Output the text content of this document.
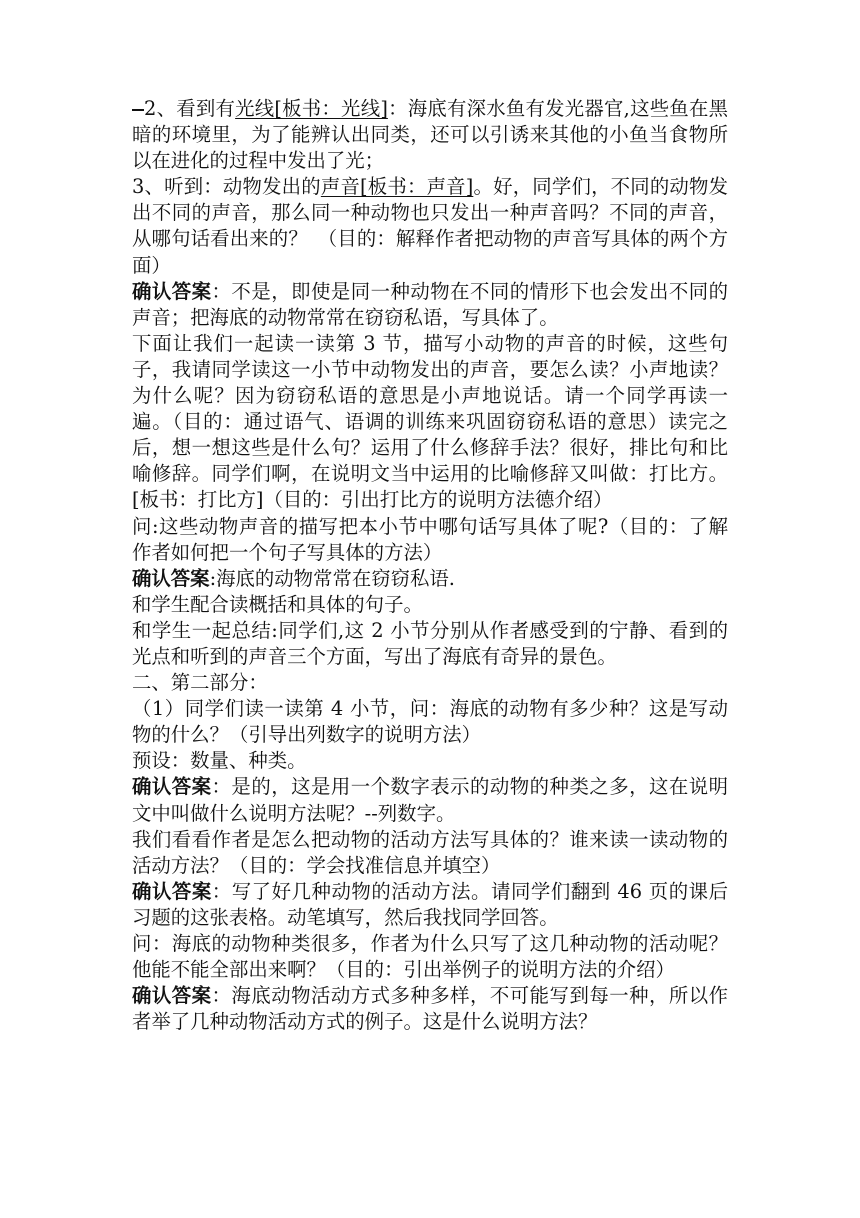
2、看到有光线[板书：光线]：海底有深水鱼有发光器官,这些鱼在黑暗的环境里，为了能辨认出同类，还可以引诱来其他的小鱼当食物所以在进化的过程中发出了光；

3、听到：动物发出的声音[板书：声音]。好，同学们，不同的动物发出不同的声音，那么同一种动物也只发出一种声音吗？不同的声音，从哪句话看出来的？　（目的：解释作者把动物的声音写具体的两个方面）

确认答案：不是，即使是同一种动物在不同的情形下也会发出不同的声音；把海底的动物常常在窃窃私语，写具体了。

下面让我们一起读一读第 3 节，描写小动物的声音的时候，这些句子，我请同学读这一小节中动物发出的声音，要怎么读？小声地读？为什么呢？因为窃窃私语的意思是小声地说话。请一个同学再读一遍。（目的：通过语气、语调的训练来巩固窃窃私语的意思）读完之后，想一想这些是什么句？运用了什么修辞手法？很好，排比句和比喻修辞。同学们啊，在说明文当中运用的比喻修辞又叫做：打比方。[板书：打比方]（目的：引出打比方的说明方法德介绍）

问:这些动物声音的描写把本小节中哪句话写具体了呢?（目的：了解作者如何把一个句子写具体的方法）

确认答案:海底的动物常常在窃窃私语.

和学生配合读概括和具体的句子。

和学生一起总结:同学们,这 2 小节分别从作者感受到的宁静、看到的光点和听到的声音三个方面，写出了海底有奇异的景色。

二、第二部分：

（1）同学们读一读第 4 小节，问：海底的动物有多少种？这是写动物的什么？（引导出列数字的说明方法）

预设：数量、种类。

确认答案：是的，这是用一个数字表示的动物的种类之多，这在说明文中叫做什么说明方法呢？--列数字。

我们看看作者是怎么把动物的活动方法写具体的？谁来读一读动物的活动方法？（目的：学会找准信息并填空）

确认答案：写了好几种动物的活动方法。请同学们翻到 46 页的课后习题的这张表格。动笔填写，然后我找同学回答。

问：海底的动物种类很多，作者为什么只写了这几种动物的活动呢？他能不能全部出来啊？（目的：引出举例子的说明方法的介绍）

确认答案：海底动物活动方式多种多样，不可能写到每一种，所以作者举了几种动物活动方式的例子。这是什么说明方法？
